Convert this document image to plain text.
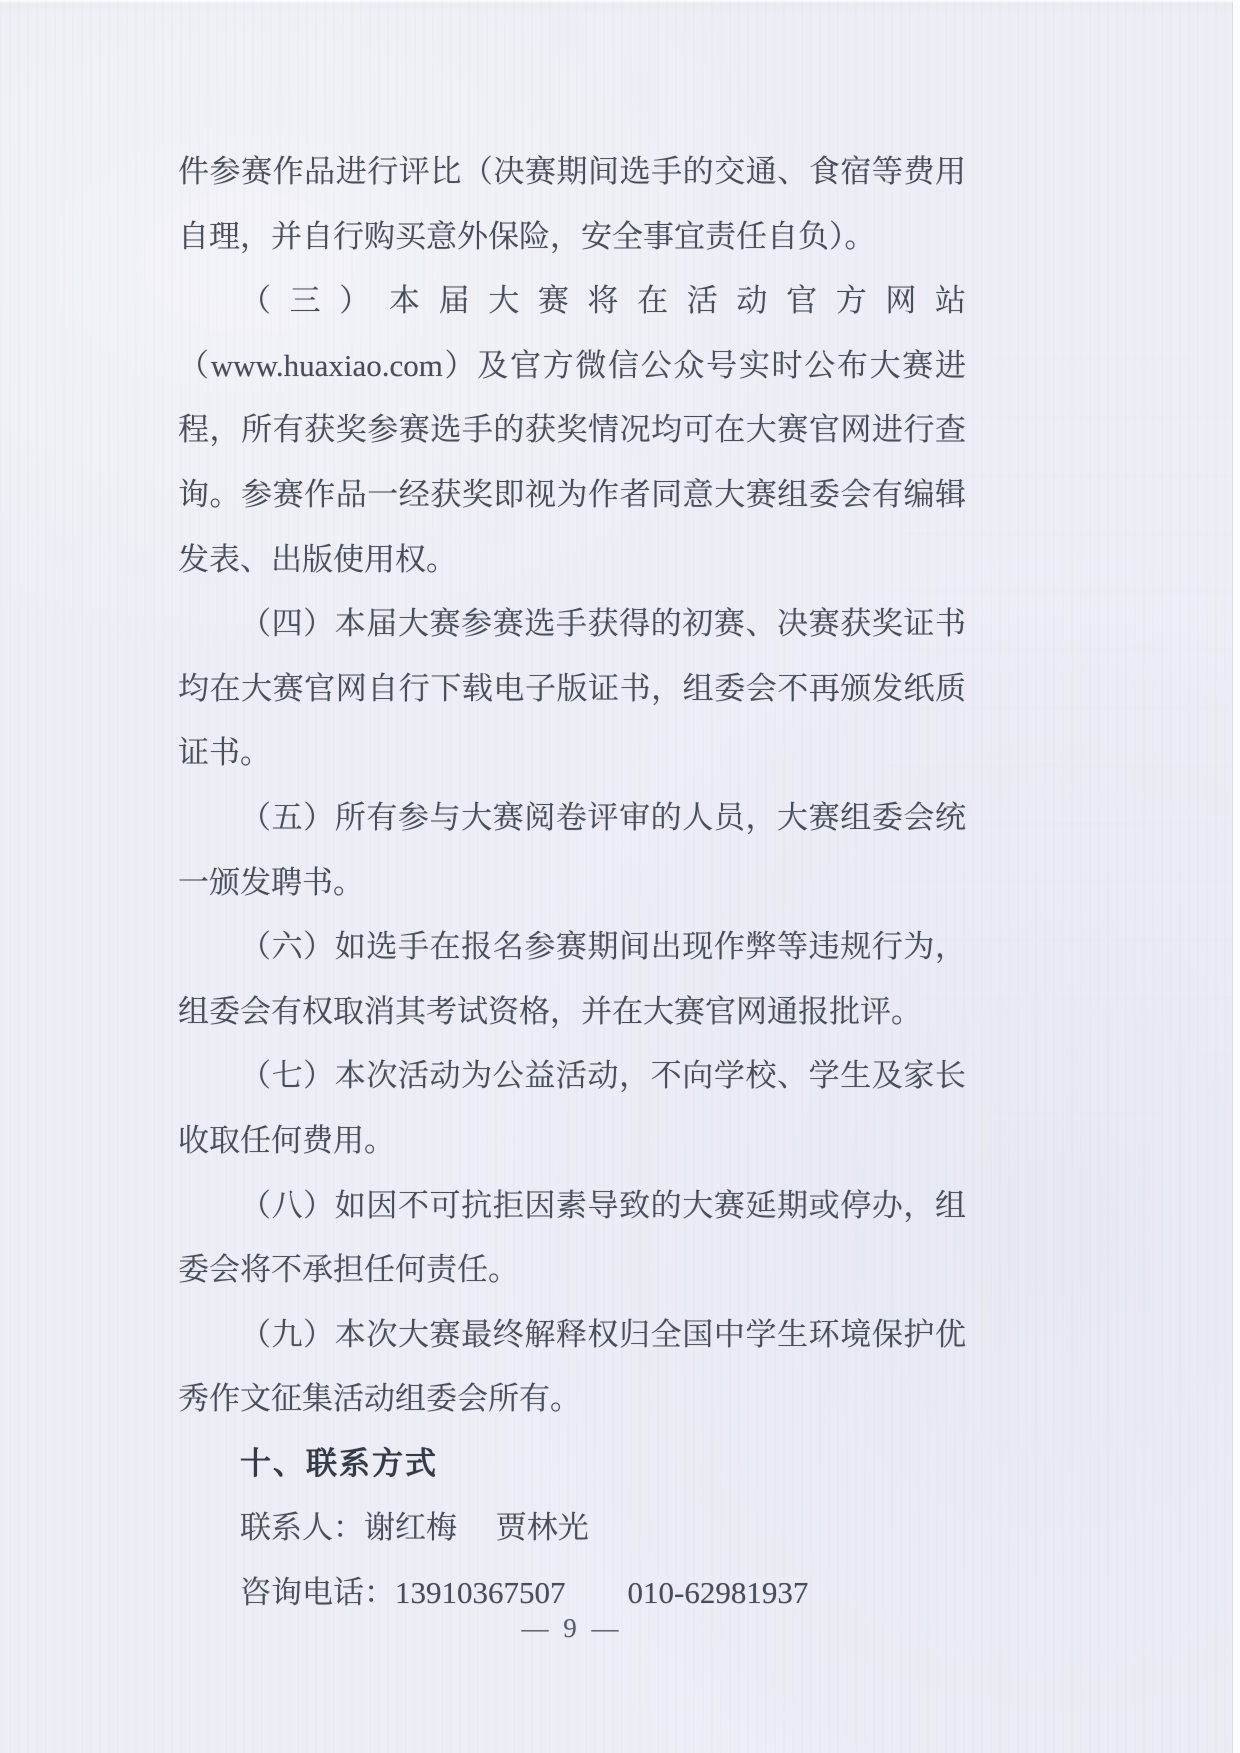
件参赛作品进行评比（决赛期间选手的交通、食宿等费用自理，并自行购买意外保险，安全事宜责任自负）。

（三）本届大赛将在活动官方网站（www.huaxiao.com）及官方微信公众号实时公布大赛进程，所有获奖参赛选手的获奖情况均可在大赛官网进行查询。参赛作品一经获奖即视为作者同意大赛组委会有编辑发表、出版使用权。

（四）本届大赛参赛选手获得的初赛、决赛获奖证书均在大赛官网自行下载电子版证书，组委会不再颁发纸质证书。

（五）所有参与大赛阅卷评审的人员，大赛组委会统一颁发聘书。

（六）如选手在报名参赛期间出现作弊等违规行为，组委会有权取消其考试资格，并在大赛官网通报批评。

（七）本次活动为公益活动，不向学校、学生及家长收取任何费用。

（八）如因不可抗拒因素导致的大赛延期或停办，组委会将不承担任何责任。

（九）本次大赛最终解释权归全国中学生环境保护优秀作文征集活动组委会所有。

十、联系方式

联系人：谢红梅　 贾林光

咨询电话：13910367507　　010-62981937

— 9 —
